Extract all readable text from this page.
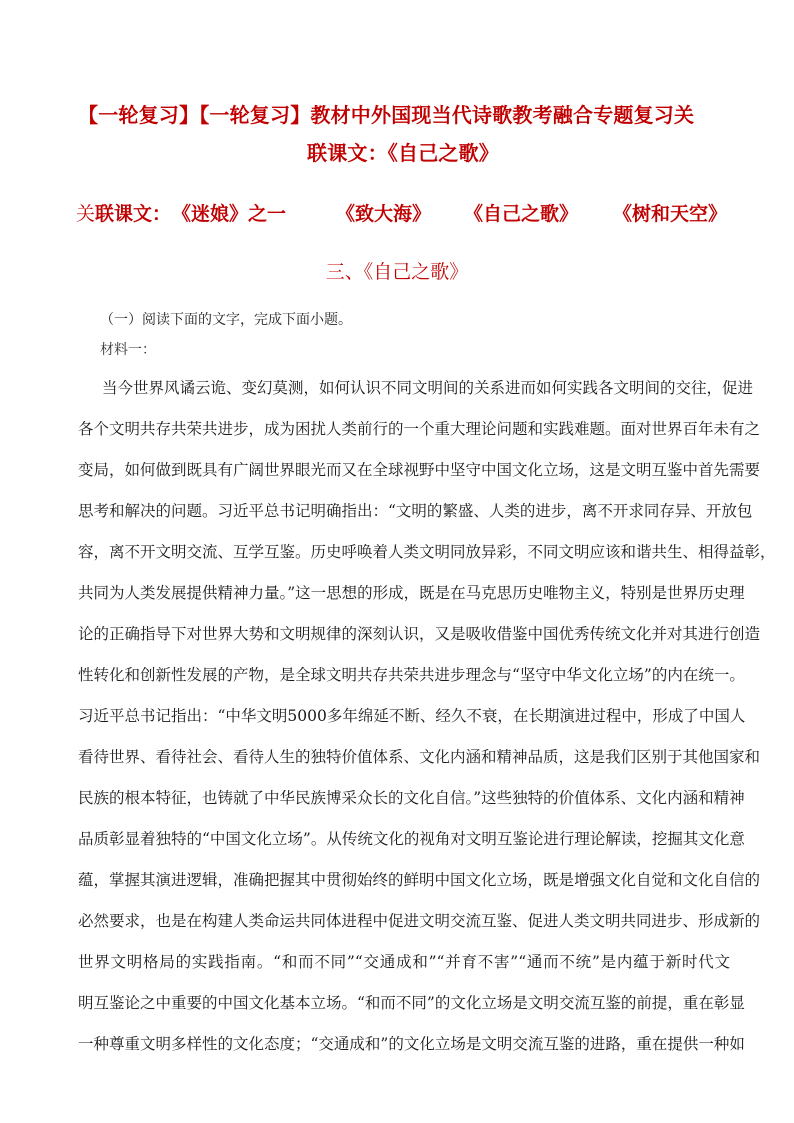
【一轮复习】【一轮复习】教材中外国现当代诗歌教考融合专题复习关
联课文：《自己之歌》
关联课文： 《迷娘》之一	《致大海》 《自己之歌》 《树和天空》
三、《自己之歌》
（一）阅读下面的文字，完成下面小题。
材料一：
当今世界风谲云诡、变幻莫测，如何认识不同文明间的关系进而如何实践各文明间的交往，促进
各个文明共存共荣共进步，成为困扰人类前行的一个重大理论问题和实践难题。面对世界百年未有之
变局，如何做到既具有广阔世界眼光而又在全球视野中坚守中国文化立场，这是文明互鉴中首先需要
思考和解决的问题。习近平总书记明确指出：“文明的繁盛、人类的进步，离不开求同存异、开放包
容，离不开文明交流、互学互鉴。历史呼唤着人类文明同放异彩，不同文明应该和谐共生、相得益彰，
共同为人类发展提供精神力量。”这一思想的形成，既是在马克思历史唯物主义，特别是世界历史理
论的正确指导下对世界大势和文明规律的深刻认识，又是吸收借鉴中国优秀传统文化并对其进行创造
性转化和创新性发展的产物，是全球文明共存共荣共进步理念与“坚守中华文化立场”的内在统一。
习近平总书记指出：“中华文明5000多年绵延不断、经久不衰，在长期演进过程中，形成了中国人
看待世界、看待社会、看待人生的独特价值体系、文化内涵和精神品质，这是我们区别于其他国家和
民族的根本特征，也铸就了中华民族博采众长的文化自信。”这些独特的价值体系、文化内涵和精神
品质彰显着独特的“中国文化立场”。从传统文化的视角对文明互鉴论进行理论解读，挖掘其文化意
蕴，掌握其演进逻辑，准确把握其中贯彻始终的鲜明中国文化立场，既是增强文化自觉和文化自信的
必然要求，也是在构建人类命运共同体进程中促进文明交流互鉴、促进人类文明共同进步、形成新的
世界文明格局的实践指南。“和而不同”“交通成和”“并育不害”“通而不统”是内蕴于新时代文
明互鉴论之中重要的中国文化基本立场。“和而不同”的文化立场是文明交流互鉴的前提，重在彰显
一种尊重文明多样性的文化态度；“交通成和”的文化立场是文明交流互鉴的进路，重在提供一种如
